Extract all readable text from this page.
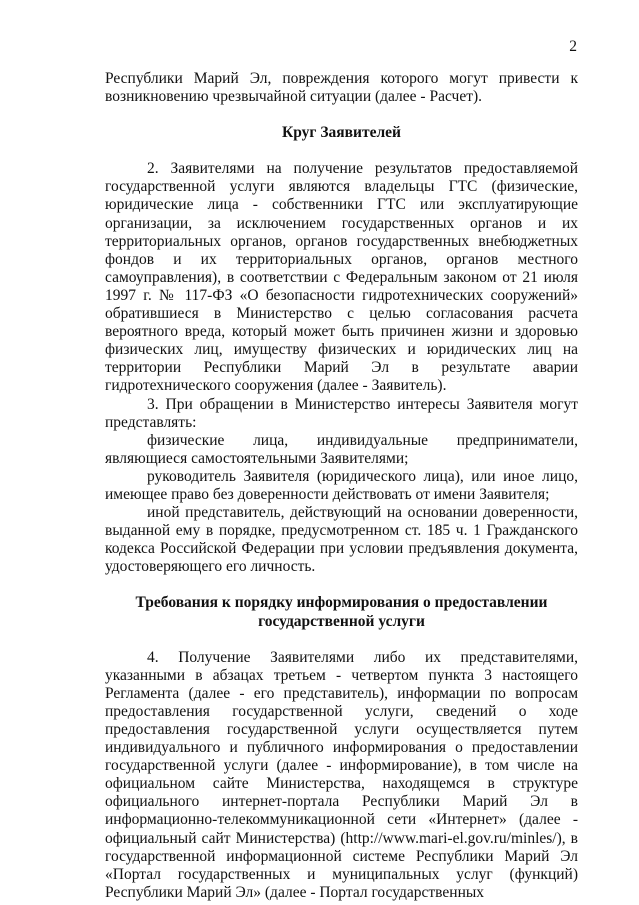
2

Республики Марий Эл, повреждения которого могут привести к возникновению чрезвычайной ситуации (далее - Расчет).

Круг Заявителей

2. Заявителями на получение результатов предоставляемой государственной услуги являются владельцы ГТС (физические, юридические лица - собственники ГТС или эксплуатирующие организации, за исключением государственных органов и их территориальных органов, органов государственных внебюджетных фондов и их территориальных органов, органов местного самоуправления), в соответствии с Федеральным законом от 21 июля 1997 г. № 117-ФЗ «О безопасности гидротехнических сооружений» обратившиеся в Министерство с целью согласования расчета вероятного вреда, который может быть причинен жизни и здоровью физических лиц, имуществу физических и юридических лиц на территории Республики Марий Эл в результате аварии гидротехнического сооружения (далее - Заявитель).

3. При обращении в Министерство интересы Заявителя могут представлять:

физические лица, индивидуальные предприниматели, являющиеся самостоятельными Заявителями;

руководитель Заявителя (юридического лица), или иное лицо, имеющее право без доверенности действовать от имени Заявителя;

иной представитель, действующий на основании доверенности, выданной ему в порядке, предусмотренном ст. 185 ч. 1 Гражданского кодекса Российской Федерации при условии предъявления документа, удостоверяющего его личность.

Требования к порядку информирования о предоставлении

государственной услуги

4. Получение Заявителями либо их представителями, указанными в абзацах третьем - четвертом пункта 3 настоящего Регламента (далее - его представитель), информации по вопросам предоставления государственной услуги, сведений о ходе предоставления государственной услуги осуществляется путем индивидуального и публичного информирования о предоставлении государственной услуги (далее - информирование), в том числе на официальном сайте Министерства, находящемся в структуре официального интернет-портала Республики Марий Эл в информационно-телекоммуникационной сети «Интернет» (далее - официальный сайт Министерства) (http://www.mari-el.gov.ru/minles/), в государственной информационной системе Республики Марий Эл «Портал государственных и муниципальных услуг (функций) Республики Марий Эл» (далее - Портал государственных
